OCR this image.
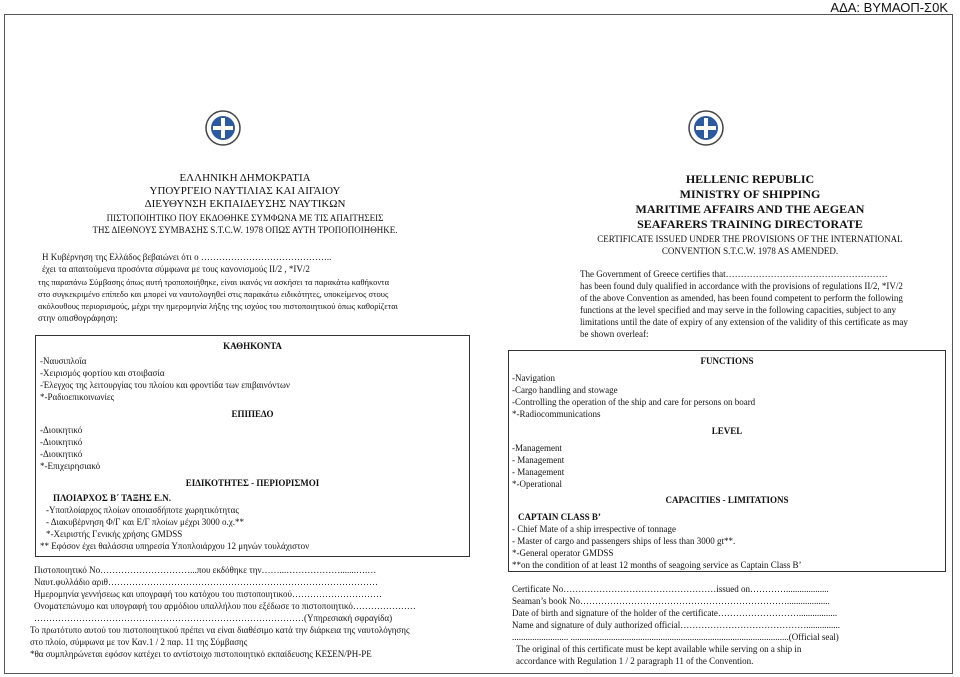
ΑΔΑ: ΒΥΜΑΟΠ-Σ0Κ
ΕΛΛΗΝΙΚΗ ΔΗΜΟΚΡΑΤΙΑ
ΥΠΟΥΡΓΕΙΟ ΝΑΥΤΙΛΙΑΣ ΚΑΙ ΑΙΓΑΙΟΥ
ΔΙΕΥΘΥΝΣΗ ΕΚΠΑΙΔΕΥΣΗΣ ΝΑΥΤΙΚΩΝ
ΠΙΣΤΟΠΟΙΗΤΙΚΟ ΠΟΥ ΕΚΔΟΘΗΚΕ ΣΥΜΦΩΝΑ ΜΕ ΤΙΣ ΑΠΑΙΤΗΣΕΙΣ
ΤΗΣ ΔΙΕΘΝΟΥΣ ΣΥΜΒΑΣΗΣ S.T.C.W. 1978 ΟΠΩΣ ΑΥΤΗ ΤΡΟΠΟΠΟΙΗΘΗΚΕ.
Η Κυβέρνηση της Ελλάδος βεβαιώνει ότι ο ……………………………………..
έχει τα απαιτούμενα προσόντα σύμφωνα με τους κανονισμούς II/2 , *IV/2
της παραπάνω Σύμβασης όπως αυτή τροποποιήθηκε, είναι ικανός να ασκήσει τα παρακάτω καθήκοντα
στο συγκεκριμένο επίπεδο και μπορεί να ναυτολογηθεί στις παρακάτω ειδικότητες, υποκείμενος στους
ακόλουθους περιορισμούς, μέχρι την ημερομηνία λήξης της ισχύος του πιστοποιητικού όπως καθορίζεται
στην οπισθογράφηση:
ΚΑΘΗΚΟΝΤΑ
-Ναυσιπλοΐα
-Χειρισμός φορτίου και στοιβασία
-Έλεγχος της λειτουργίας του πλοίου και φροντίδα των επιβαινόντων
*-Ραδιοεπικοινωνίες
ΕΠΙΠΕΔΟ
-Διοικητικό
-Διοικητικό
-Διοικητικό
*-Επιχειρησιακό
ΕΙΔΙΚΟΤΗΤΕΣ - ΠΕΡΙΟΡΙΣΜΟΙ
ΠΛΟΙΑΡΧΟΣ Β΄ ΤΑΞΗΣ Ε.Ν.
-Υποπλοίαρχος πλοίων οποιασδήποτε χωρητικότητας
- Διακυβέρνηση Φ/Γ και Ε/Γ πλοίων μέχρι 3000 ο.χ.**
*-Χειριστής Γενικής χρήσης GMDSS
** Εφόσον έχει θαλάσσια υπηρεσία Υποπλοιάρχου 12 μηνών τουλάχιστον
Πιστοποιητικό Νο…………………………...που εκδόθηκε την……...……………….......….…
Ναυτ.φυλλάδιο αριθ………………………………………………………………………………
Ημερομηνία γεννήσεως και υπογραφή του κατόχου του πιστοποιητικού…………………………
Ονοματεπώνυμο και υπογραφή του αρμόδιου υπαλλήλου που εξέδωσε το πιστοποιητικό…………………
………………………………………………………………………………(Υπηρεσιακή σφραγίδα)
Το πρωτότυπο αυτού του πιστοποιητικού πρέπει να είναι διαθέσιμο κατά την διάρκεια της ναυτολόγησης
στο πλοίο, σύμφωνα με τον Καν.1 / 2 παρ. 11 της Σύμβασης
*θα συμπληρώνεται εφόσον κατέχει το αντίστοιχο πιστοποιητικό εκπαίδευσης ΚΕΣΕΝ/ΡΗ-ΡΕ
HELLENIC REPUBLIC
MINISTRY OF SHIPPING
MARITIME AFFAIRS AND THE AEGEAN
SEAFARERS TRAINING DIRECTORATE
CERTIFICATE ISSUED UNDER THE PROVISIONS OF THE INTERNATIONAL
CONVENTION S.T.C.W. 1978 AS AMENDED.
The Government of Greece certifies that………………………………………………
has been found duly qualified in accordance with the provisions of regulations II/2, *IV/2
of the above Convention as amended, has been found competent to perform the following
functions at the level specified and may serve in the following capacities, subject to any
limitations until the date of expiry of any extension of the validity of this certificate as may
be shown overleaf:
FUNCTIONS
-Navigation
-Cargo handling and stowage
-Controlling the operation of the ship and care for persons on board
*-Radiocommunications
LEVEL
-Management
- Management
- Management
*-Operational
CAPACITIES - LIMITATIONS
CAPTAIN CLASS B’
- Chief Mate of a ship irrespective of tonnage
- Master of cargo and passengers ships of less than 3000 gt**.
*-General operator GMDSS
**on the condition of at least 12 months of seagoing service as Captain Class B’
Certificate No……………………………………………issued on…………...................
Seaman’s book No……………………………………………………………...................
Date of birth and signature of the holder of the certificate……………………….................
Name and signature of duly authorized official……………………………………...............
......................... .................................................................................................(Official seal)
The original of this certificate must be kept available while serving on a ship in
accordance with Regulation 1 / 2 paragraph 11 of the Convention.
